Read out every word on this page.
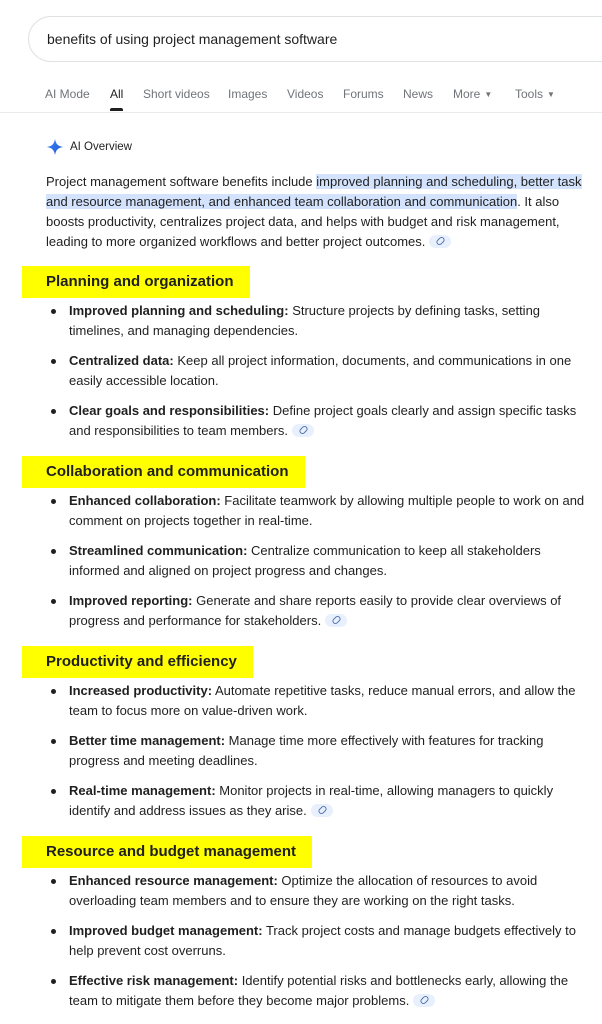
benefits of using project management software
AI Mode All Short videos Images Videos Forums News More ▼ Tools ▼
AI Overview
Project management software benefits include improved planning and scheduling, better task and resource management, and enhanced team collaboration and communication. It also boosts productivity, centralizes project data, and helps with budget and risk management, leading to more organized workflows and better project outcomes.
Planning and organization
Improved planning and scheduling: Structure projects by defining tasks, setting timelines, and managing dependencies.
Centralized data: Keep all project information, documents, and communications in one easily accessible location.
Clear goals and responsibilities: Define project goals clearly and assign specific tasks and responsibilities to team members.
Collaboration and communication
Enhanced collaboration: Facilitate teamwork by allowing multiple people to work on and comment on projects together in real-time.
Streamlined communication: Centralize communication to keep all stakeholders informed and aligned on project progress and changes.
Improved reporting: Generate and share reports easily to provide clear overviews of progress and performance for stakeholders.
Productivity and efficiency
Increased productivity: Automate repetitive tasks, reduce manual errors, and allow the team to focus more on value-driven work.
Better time management: Manage time more effectively with features for tracking progress and meeting deadlines.
Real-time management: Monitor projects in real-time, allowing managers to quickly identify and address issues as they arise.
Resource and budget management
Enhanced resource management: Optimize the allocation of resources to avoid overloading team members and to ensure they are working on the right tasks.
Improved budget management: Track project costs and manage budgets effectively to help prevent cost overruns.
Effective risk management: Identify potential risks and bottlenecks early, allowing the team to mitigate them before they become major problems.
